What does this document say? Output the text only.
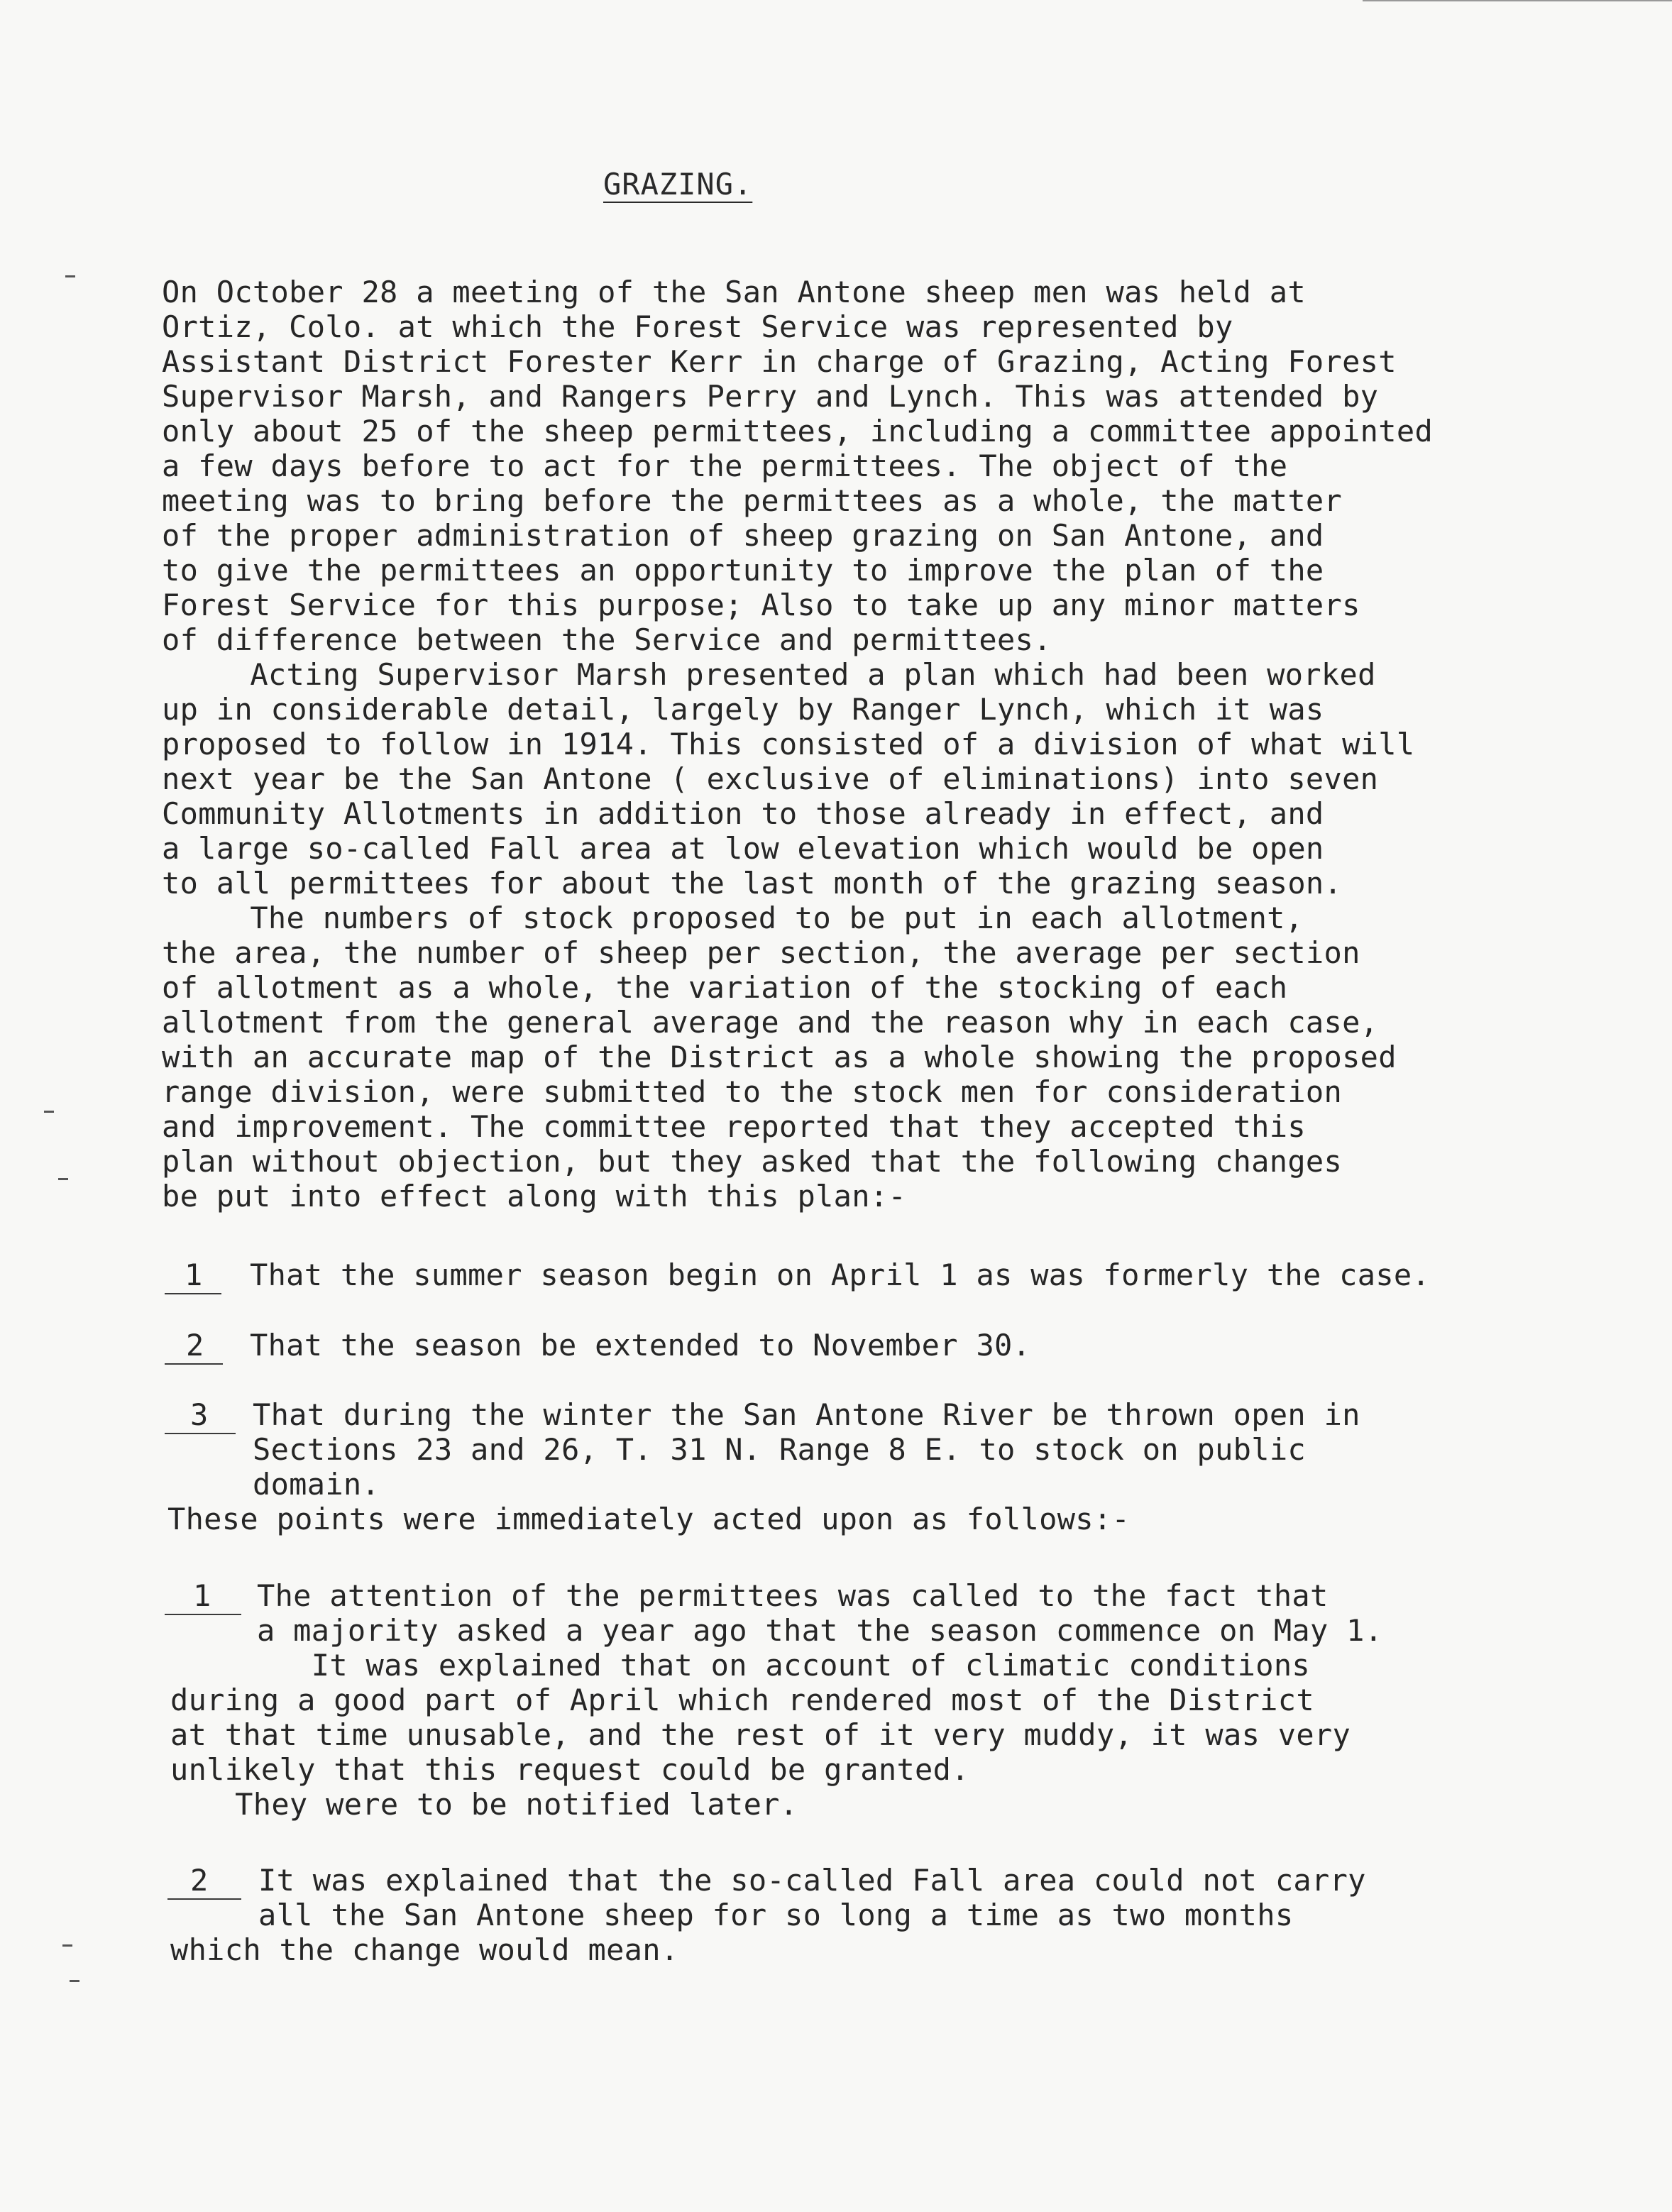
GRAZING.
On October 28 a meeting of the San Antone sheep men was held at
Ortiz, Colo. at which the Forest Service was represented by
Assistant District Forester Kerr in charge of Grazing, Acting Forest
Supervisor Marsh, and Rangers Perry and Lynch. This was attended by
only about 25 of the sheep permittees, including a committee appointed
a few days before to act for the permittees. The object of the
meeting was to bring before the permittees as a whole, the matter
of the proper administration of sheep grazing on San Antone, and
to give the permittees an opportunity to improve the plan of the
Forest Service for this purpose; Also to take up any minor matters
of difference between the Service and permittees.
Acting Supervisor Marsh presented a plan which had been worked
up in considerable detail, largely by Ranger Lynch, which it was
proposed to follow in 1914. This consisted of a division of what will
next year be the San Antone ( exclusive of eliminations) into seven
Community Allotments in addition to those already in effect, and
a large so-called Fall area at low elevation which would be open
to all permittees for about the last month of the grazing season.
The numbers of stock proposed to be put in each allotment,
the area, the number of sheep per section, the average per section
of allotment as a whole, the variation of the stocking of each
allotment from the general average and the reason why in each case,
with an accurate map of the District as a whole showing the proposed
range division, were submitted to the stock men for consideration
and improvement. The committee reported that they accepted this
plan without objection, but they asked that the following changes
be put into effect along with this plan:-
1 That the summer season begin on April 1 as was formerly the case.
2 That the season be extended to November 30.
3 That during the winter the San Antone River be thrown open in
Sections 23 and 26, T. 31 N. Range 8 E. to stock on public
domain.
These points were immediately acted upon as follows:-
1 The attention of the permittees was called to the fact that
a majority asked a year ago that the season commence on May 1.
It was explained that on account of climatic conditions
during a good part of April which rendered most of the District
at that time unusable, and the rest of it very muddy, it was very
unlikely that this request could be granted.
They were to be notified later.
2 It was explained that the so-called Fall area could not carry
all the San Antone sheep for so long a time as two months
which the change would mean.
